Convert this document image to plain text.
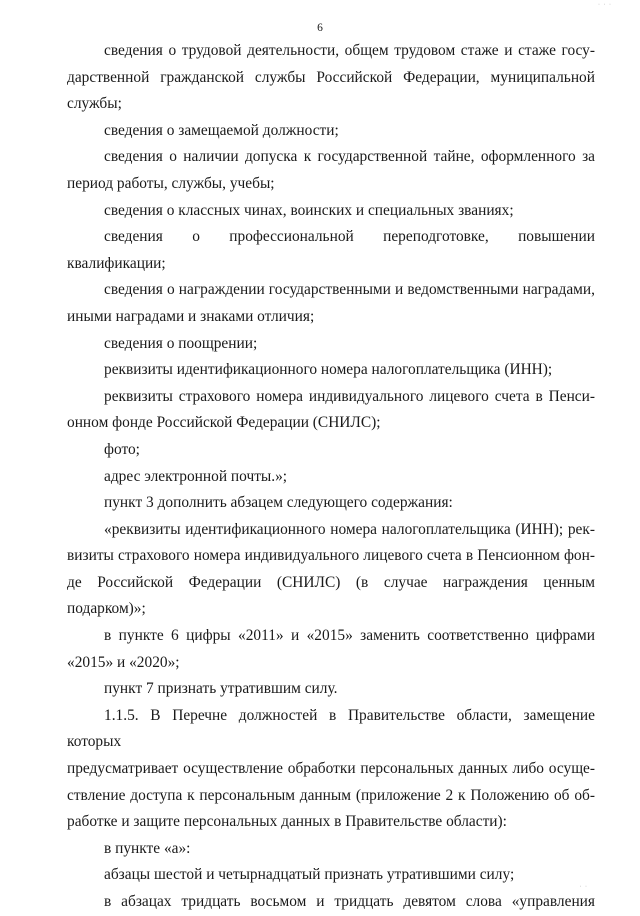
· · ·
6
сведения о трудовой деятельности, общем трудовом стаже и стаже госу-
дарственной гражданской службы Российской Федерации, муниципальной
службы;
сведения о замещаемой должности;
сведения о наличии допуска к государственной тайне, оформленного за
период работы, службы, учебы;
сведения о классных чинах, воинских и специальных званиях;
сведения о профессиональной переподготовке, повышении квалификации;
сведения о награждении государственными и ведомственными наградами,
иными наградами и знаками отличия;
сведения о поощрении;
реквизиты идентификационного номера налогоплательщика (ИНН);
реквизиты страхового номера индивидуального лицевого счета в Пенси-
онном фонде Российской Федерации (СНИЛС);
фото;
адрес электронной почты.»;
пункт 3 дополнить абзацем следующего содержания:
«реквизиты идентификационного номера налогоплательщика (ИНН); рек-
визиты страхового номера индивидуального лицевого счета в Пенсионном фон-
де Российской Федерации (СНИЛС) (в случае награждения ценным подарком)»;
в пункте 6 цифры «2011» и «2015» заменить соответственно цифрами
«2015» и «2020»;
пункт 7 признать утратившим силу.
1.1.5. В Перечне должностей в Правительстве области, замещение которых
предусматривает осуществление обработки персональных данных либо осуще-
ствление доступа к персональным данным (приложение 2 к Положению об об-
работке и защите персональных данных в Правительстве области):
в пункте «а»:
абзацы шестой и четырнадцатый признать утратившими силу;
в абзацах тридцать восьмом и тридцать девятом слова «управления
· ·
